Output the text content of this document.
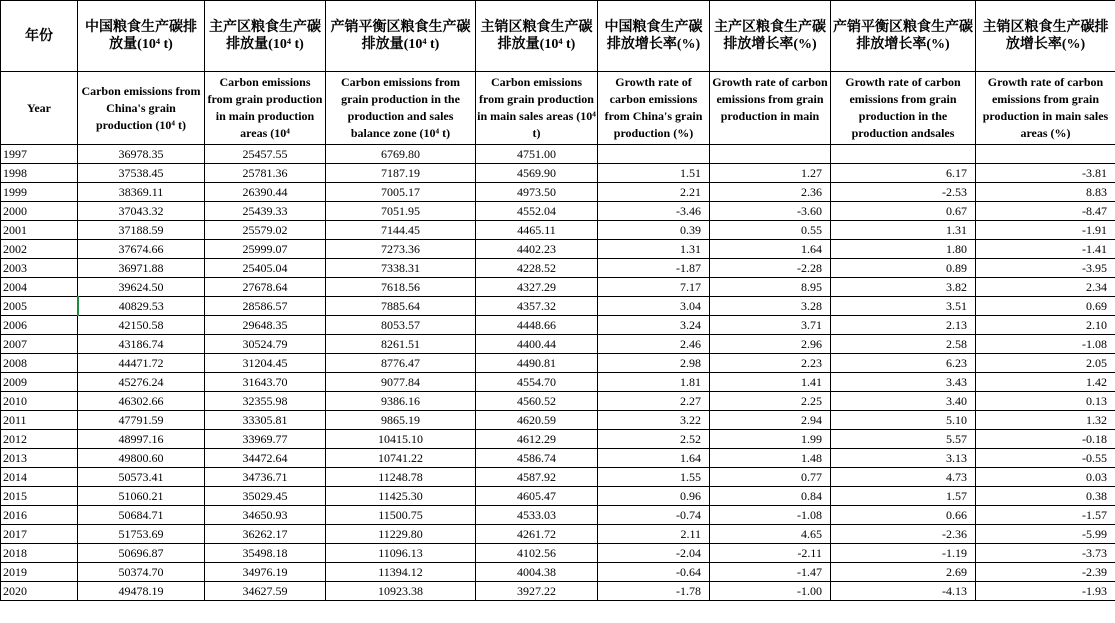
年份	中国粮食生产碳排放量(10⁴ t)	主产区粮食生产碳排放量(10⁴ t)	产销平衡区粮食生产碳排放量(10⁴ t)	主销区粮食生产碳排放量(10⁴ t)	中国粮食生产碳排放增长率(%)	主产区粮食生产碳排放增长率(%)	产销平衡区粮食生产碳排放增长率(%)	主销区粮食生产碳排放增长率(%)
Year	Carbon emissions from China's grain production (10⁴ t)	Carbon emissions from grain production in main production areas (10⁴	Carbon emissions from grain production in the production and sales balance zone (10⁴ t)	Carbon emissions from grain production in main sales areas (10⁴ t)	Growth rate of carbon emissions from China's grain production (%)	Growth rate of carbon emissions from grain production in main	Growth rate of carbon emissions from grain production in the production andsales	Growth rate of carbon emissions from grain production in main sales areas (%)
1997	36978.35	25457.55	6769.80	4751.00				
1998	37538.45	25781.36	7187.19	4569.90	1.51	1.27	6.17	-3.81
1999	38369.11	26390.44	7005.17	4973.50	2.21	2.36	-2.53	8.83
2000	37043.32	25439.33	7051.95	4552.04	-3.46	-3.60	0.67	-8.47
2001	37188.59	25579.02	7144.45	4465.11	0.39	0.55	1.31	-1.91
2002	37674.66	25999.07	7273.36	4402.23	1.31	1.64	1.80	-1.41
2003	36971.88	25405.04	7338.31	4228.52	-1.87	-2.28	0.89	-3.95
2004	39624.50	27678.64	7618.56	4327.29	7.17	8.95	3.82	2.34
2005	40829.53	28586.57	7885.64	4357.32	3.04	3.28	3.51	0.69
2006	42150.58	29648.35	8053.57	4448.66	3.24	3.71	2.13	2.10
2007	43186.74	30524.79	8261.51	4400.44	2.46	2.96	2.58	-1.08
2008	44471.72	31204.45	8776.47	4490.81	2.98	2.23	6.23	2.05
2009	45276.24	31643.70	9077.84	4554.70	1.81	1.41	3.43	1.42
2010	46302.66	32355.98	9386.16	4560.52	2.27	2.25	3.40	0.13
2011	47791.59	33305.81	9865.19	4620.59	3.22	2.94	5.10	1.32
2012	48997.16	33969.77	10415.10	4612.29	2.52	1.99	5.57	-0.18
2013	49800.60	34472.64	10741.22	4586.74	1.64	1.48	3.13	-0.55
2014	50573.41	34736.71	11248.78	4587.92	1.55	0.77	4.73	0.03
2015	51060.21	35029.45	11425.30	4605.47	0.96	0.84	1.57	0.38
2016	50684.71	34650.93	11500.75	4533.03	-0.74	-1.08	0.66	-1.57
2017	51753.69	36262.17	11229.80	4261.72	2.11	4.65	-2.36	-5.99
2018	50696.87	35498.18	11096.13	4102.56	-2.04	-2.11	-1.19	-3.73
2019	50374.70	34976.19	11394.12	4004.38	-0.64	-1.47	2.69	-2.39
2020	49478.19	34627.59	10923.38	3927.22	-1.78	-1.00	-4.13	-1.93
